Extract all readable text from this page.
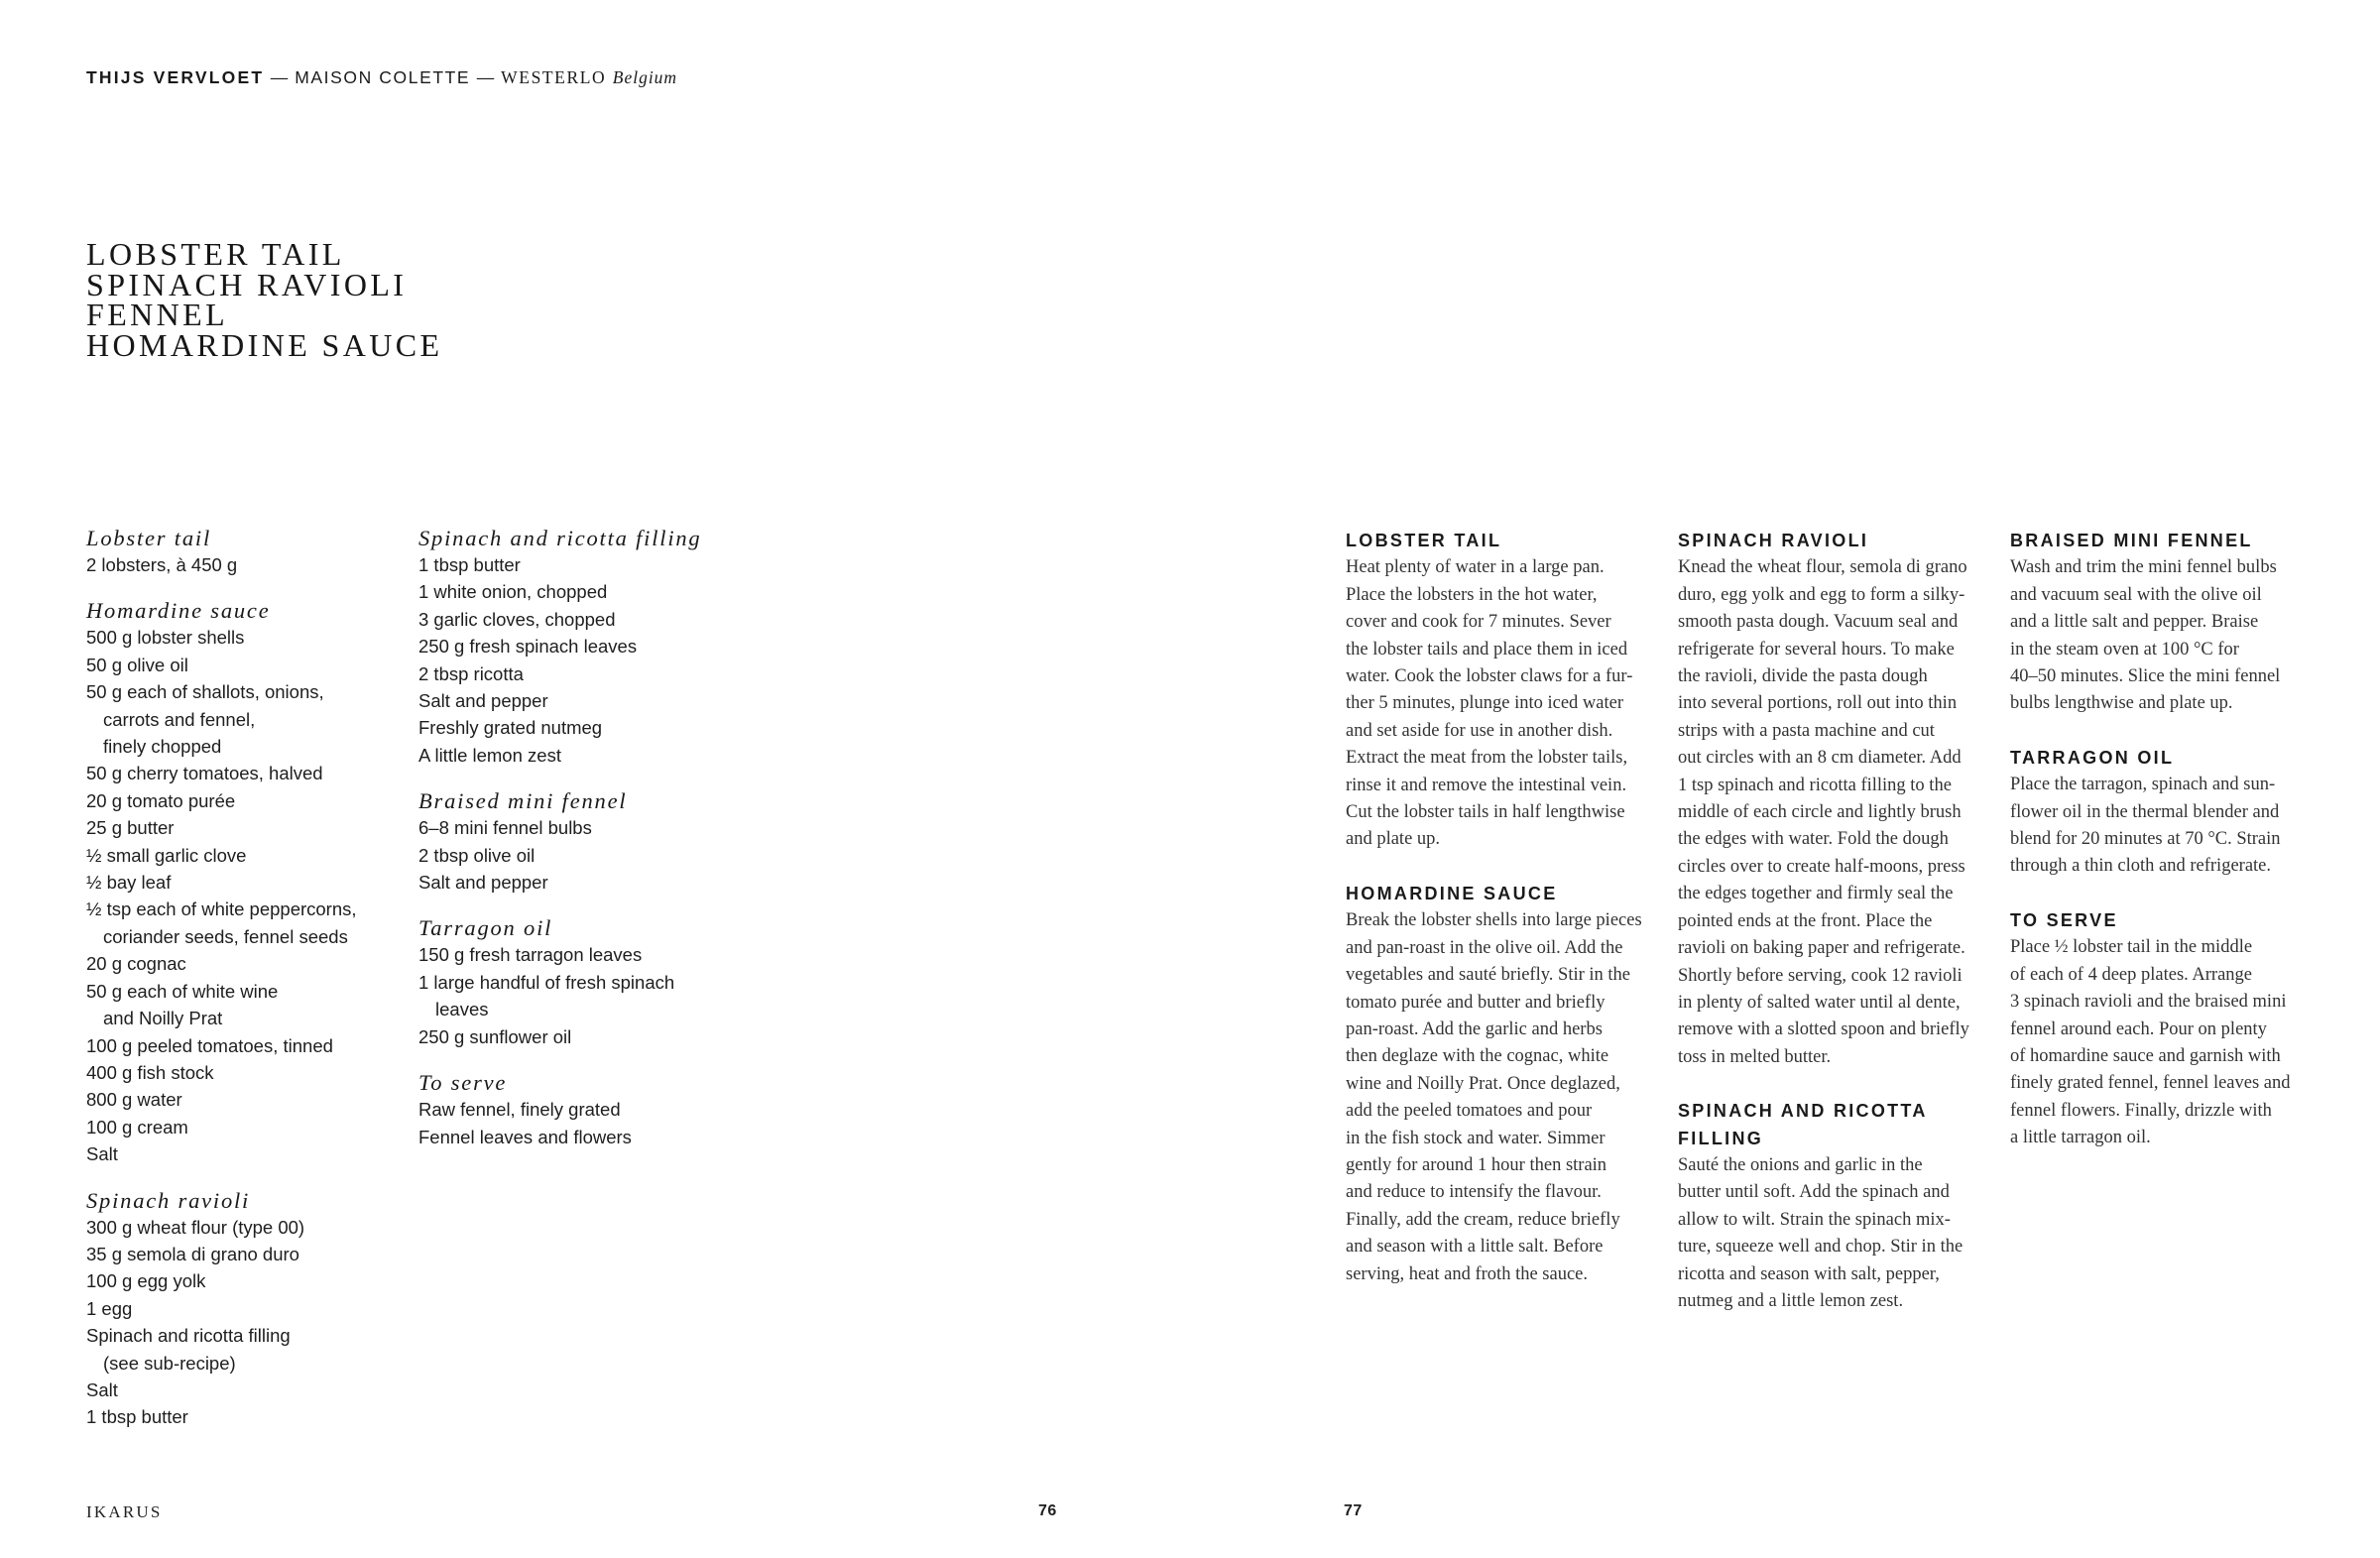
THIJS VERVLOET — MAISON COLETTE — WESTERLO Belgium
LOBSTER TAIL
SPINACH RAVIOLI
FENNEL
HOMARDINE SAUCE
Lobster tail
2 lobsters, à 450 g
Homardine sauce
500 g lobster shells
50 g olive oil
50 g each of shallots, onions,
carrots and fennel,
finely chopped
50 g cherry tomatoes, halved
20 g tomato purée
25 g butter
½ small garlic clove
½ bay leaf
½ tsp each of white peppercorns,
coriander seeds, fennel seeds
20 g cognac
50 g each of white wine
and Noilly Prat
100 g peeled tomatoes, tinned
400 g fish stock
800 g water
100 g cream
Salt
Spinach ravioli
300 g wheat flour (type 00)
35 g semola di grano duro
100 g egg yolk
1 egg
Spinach and ricotta filling
(see sub-recipe)
Salt
1 tbsp butter
Spinach and ricotta filling
1 tbsp butter
1 white onion, chopped
3 garlic cloves, chopped
250 g fresh spinach leaves
2 tbsp ricotta
Salt and pepper
Freshly grated nutmeg
A little lemon zest
Braised mini fennel
6–8 mini fennel bulbs
2 tbsp olive oil
Salt and pepper
Tarragon oil
150 g fresh tarragon leaves
1 large handful of fresh spinach
leaves
250 g sunflower oil
To serve
Raw fennel, finely grated
Fennel leaves and flowers
LOBSTER TAIL
Heat plenty of water in a large pan.
Place the lobsters in the hot water,
cover and cook for 7 minutes. Sever
the lobster tails and place them in iced
water. Cook the lobster claws for a fur-
ther 5 minutes, plunge into iced water
and set aside for use in another dish.
Extract the meat from the lobster tails,
rinse it and remove the intestinal vein.
Cut the lobster tails in half lengthwise
and plate up.
HOMARDINE SAUCE
Break the lobster shells into large pieces
and pan-roast in the olive oil. Add the
vegetables and sauté briefly. Stir in the
tomato purée and butter and briefly
pan-roast. Add the garlic and herbs
then deglaze with the cognac, white
wine and Noilly Prat. Once deglazed,
add the peeled tomatoes and pour
in the fish stock and water. Simmer
gently for around 1 hour then strain
and reduce to intensify the flavour.
Finally, add the cream, reduce briefly
and season with a little salt. Before
serving, heat and froth the sauce.
SPINACH RAVIOLI
Knead the wheat flour, semola di grano
duro, egg yolk and egg to form a silky-
smooth pasta dough. Vacuum seal and
refrigerate for several hours. To make
the ravioli, divide the pasta dough
into several portions, roll out into thin
strips with a pasta machine and cut
out circles with an 8 cm diameter. Add
1 tsp spinach and ricotta filling to the
middle of each circle and lightly brush
the edges with water. Fold the dough
circles over to create half-moons, press
the edges together and firmly seal the
pointed ends at the front. Place the
ravioli on baking paper and refrigerate.
Shortly before serving, cook 12 ravioli
in plenty of salted water until al dente,
remove with a slotted spoon and briefly
toss in melted butter.
SPINACH AND RICOTTA FILLING
Sauté the onions and garlic in the
butter until soft. Add the spinach and
allow to wilt. Strain the spinach mix-
ture, squeeze well and chop. Stir in the
ricotta and season with salt, pepper,
nutmeg and a little lemon zest.
BRAISED MINI FENNEL
Wash and trim the mini fennel bulbs
and vacuum seal with the olive oil
and a little salt and pepper. Braise
in the steam oven at 100 °C for
40–50 minutes. Slice the mini fennel
bulbs lengthwise and plate up.
TARRAGON OIL
Place the tarragon, spinach and sun-
flower oil in the thermal blender and
blend for 20 minutes at 70 °C. Strain
through a thin cloth and refrigerate.
TO SERVE
Place ½ lobster tail in the middle
of each of 4 deep plates. Arrange
3 spinach ravioli and the braised mini
fennel around each. Pour on plenty
of homardine sauce and garnish with
finely grated fennel, fennel leaves and
fennel flowers. Finally, drizzle with
a little tarragon oil.
IKARUS	76	77
